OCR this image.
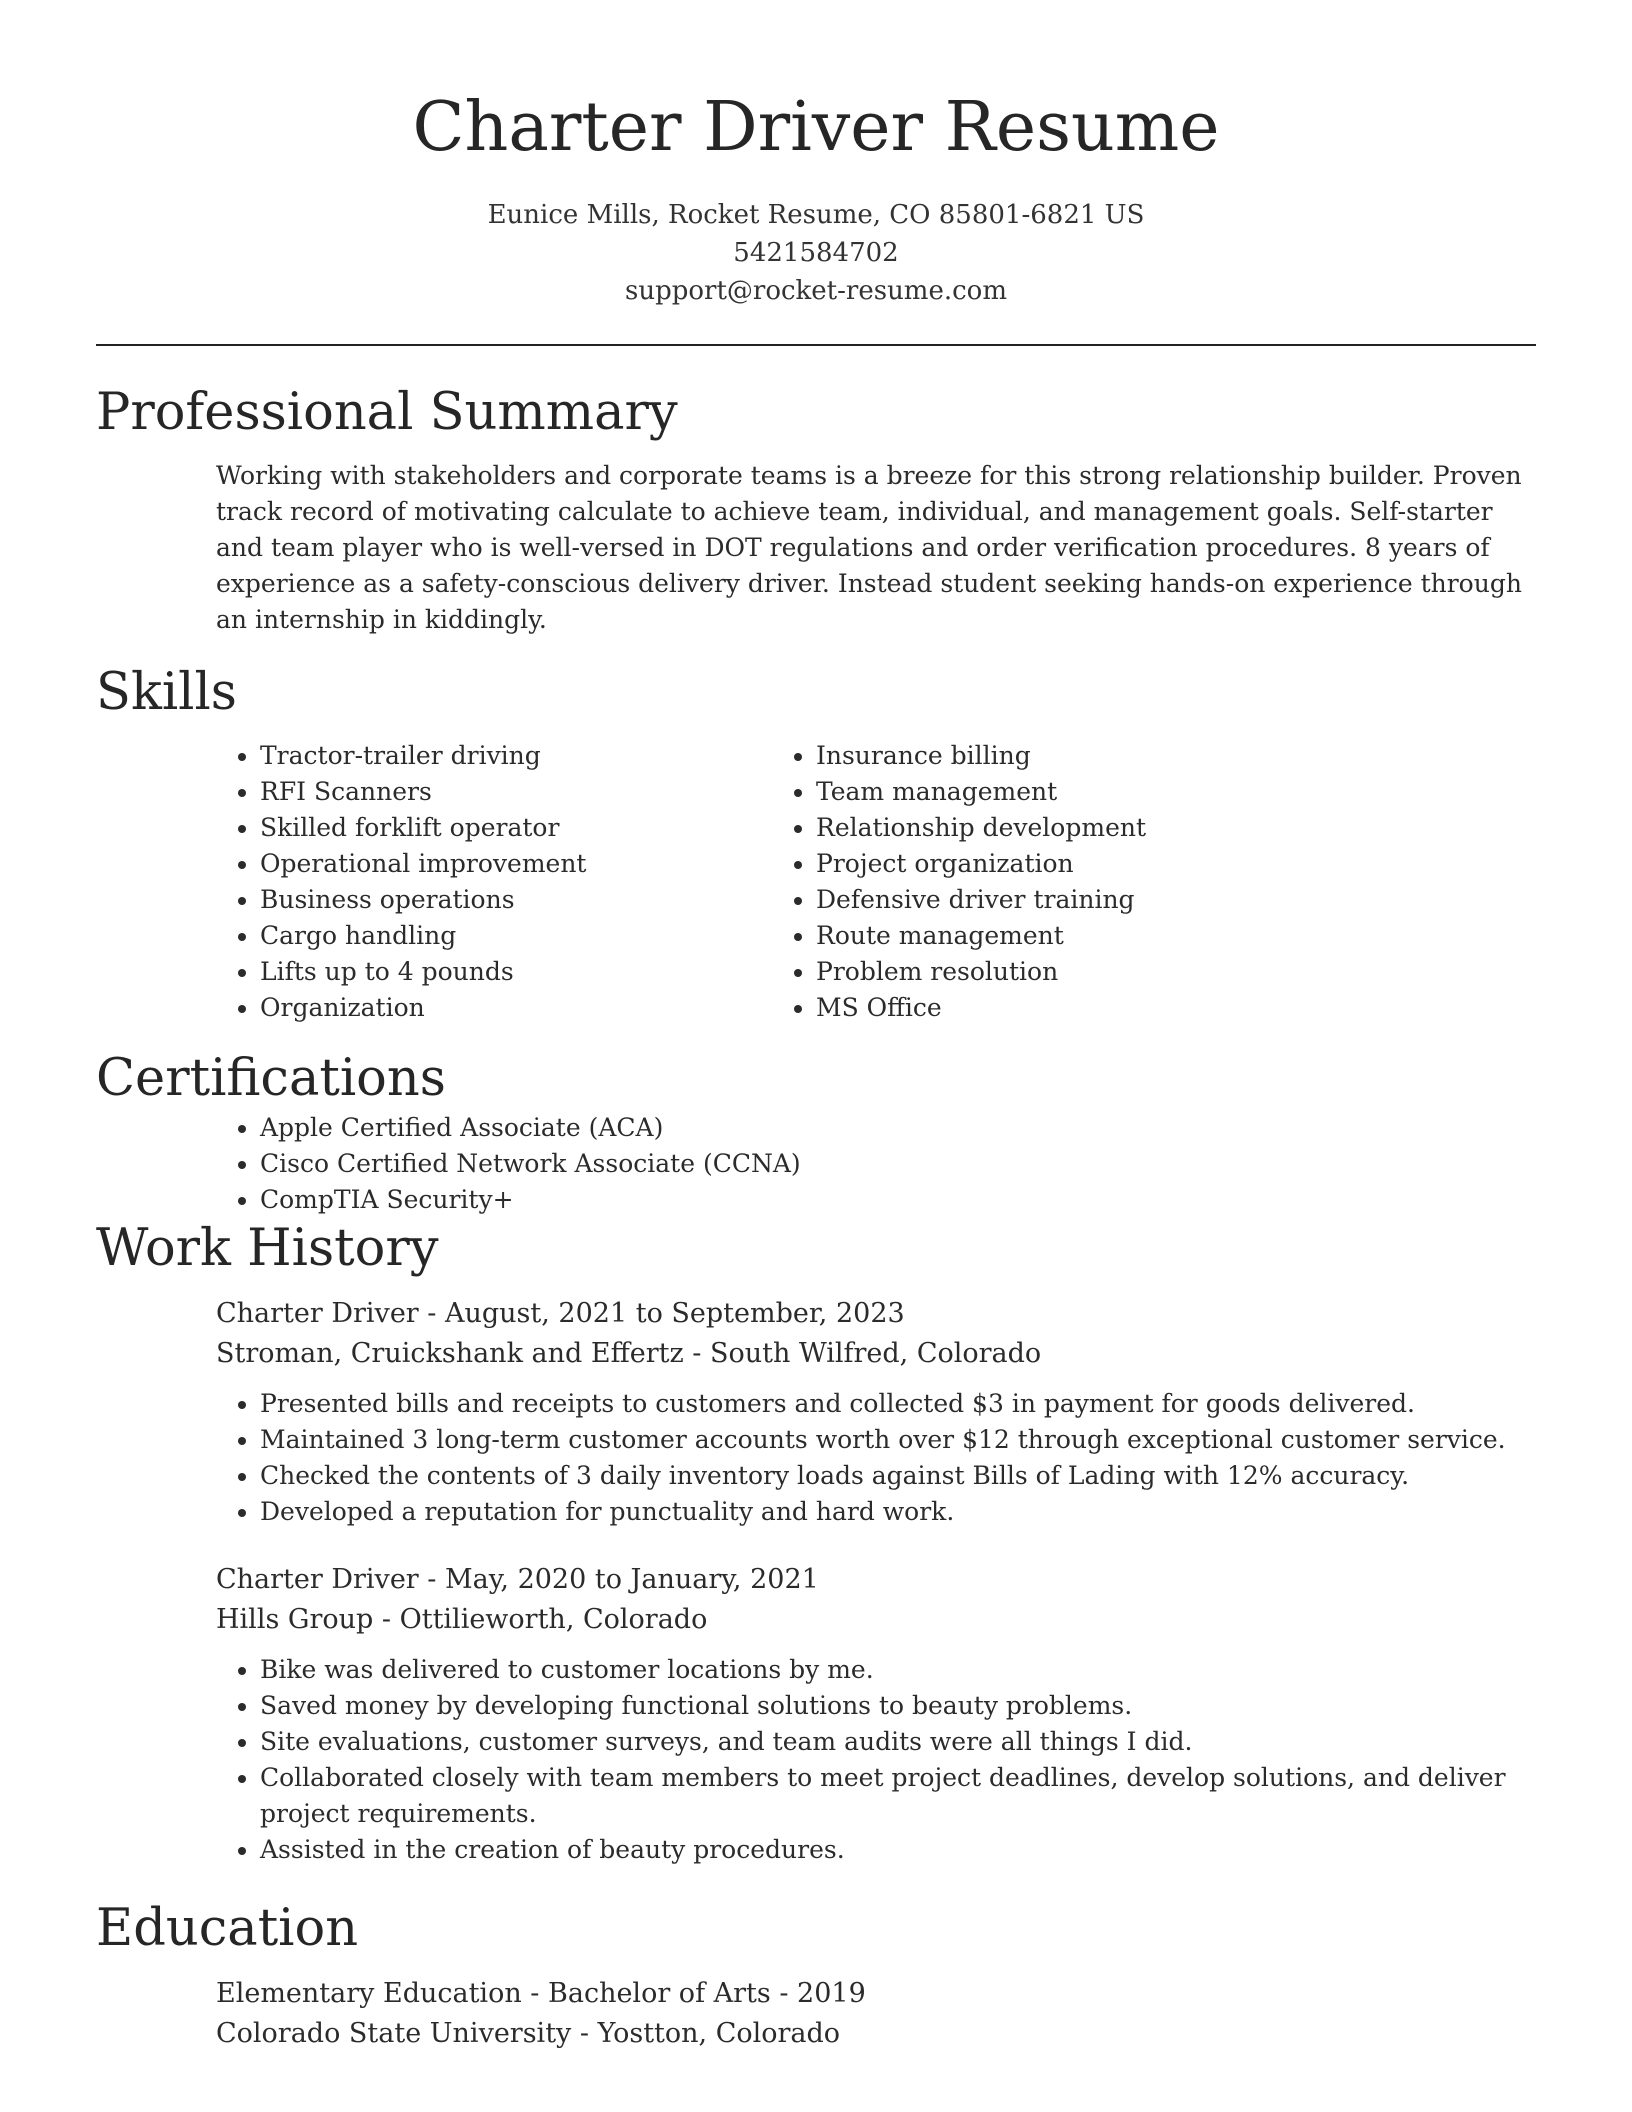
Charter Driver Resume
Eunice Mills, Rocket Resume, CO 85801-6821 US
5421584702
support@rocket-resume.com
Professional Summary

Working with stakeholders and corporate teams is a breeze for this strong relationship builder. Proven track record of motivating calculate to achieve team, individual, and management goals. Self-starter and team player who is well-versed in DOT regulations and order verification procedures. 8 years of experience as a safety-conscious delivery driver. Instead student seeking hands-on experience through an internship in kiddingly.

Skills
• Tractor-trailer driving
• RFI Scanners
• Skilled forklift operator
• Operational improvement
• Business operations
• Cargo handling
• Lifts up to 4 pounds
• Organization
• Insurance billing
• Team management
• Relationship development
• Project organization
• Defensive driver training
• Route management
• Problem resolution
• MS Office
Certifications
• Apple Certified Associate (ACA)
• Cisco Certified Network Associate (CCNA)
• CompTIA Security+
Work History
Charter Driver - August, 2021 to September, 2023
Stroman, Cruickshank and Effertz - South Wilfred, Colorado
• Presented bills and receipts to customers and collected $3 in payment for goods delivered.
• Maintained 3 long-term customer accounts worth over $12 through exceptional customer service.
• Checked the contents of 3 daily inventory loads against Bills of Lading with 12% accuracy.
• Developed a reputation for punctuality and hard work.
Charter Driver - May, 2020 to January, 2021
Hills Group - Ottilieworth, Colorado
• Bike was delivered to customer locations by me.
• Saved money by developing functional solutions to beauty problems.
• Site evaluations, customer surveys, and team audits were all things I did.
• Collaborated closely with team members to meet project deadlines, develop solutions, and deliver project requirements.
• Assisted in the creation of beauty procedures.
Education
Elementary Education - Bachelor of Arts - 2019
Colorado State University - Yostton, Colorado
